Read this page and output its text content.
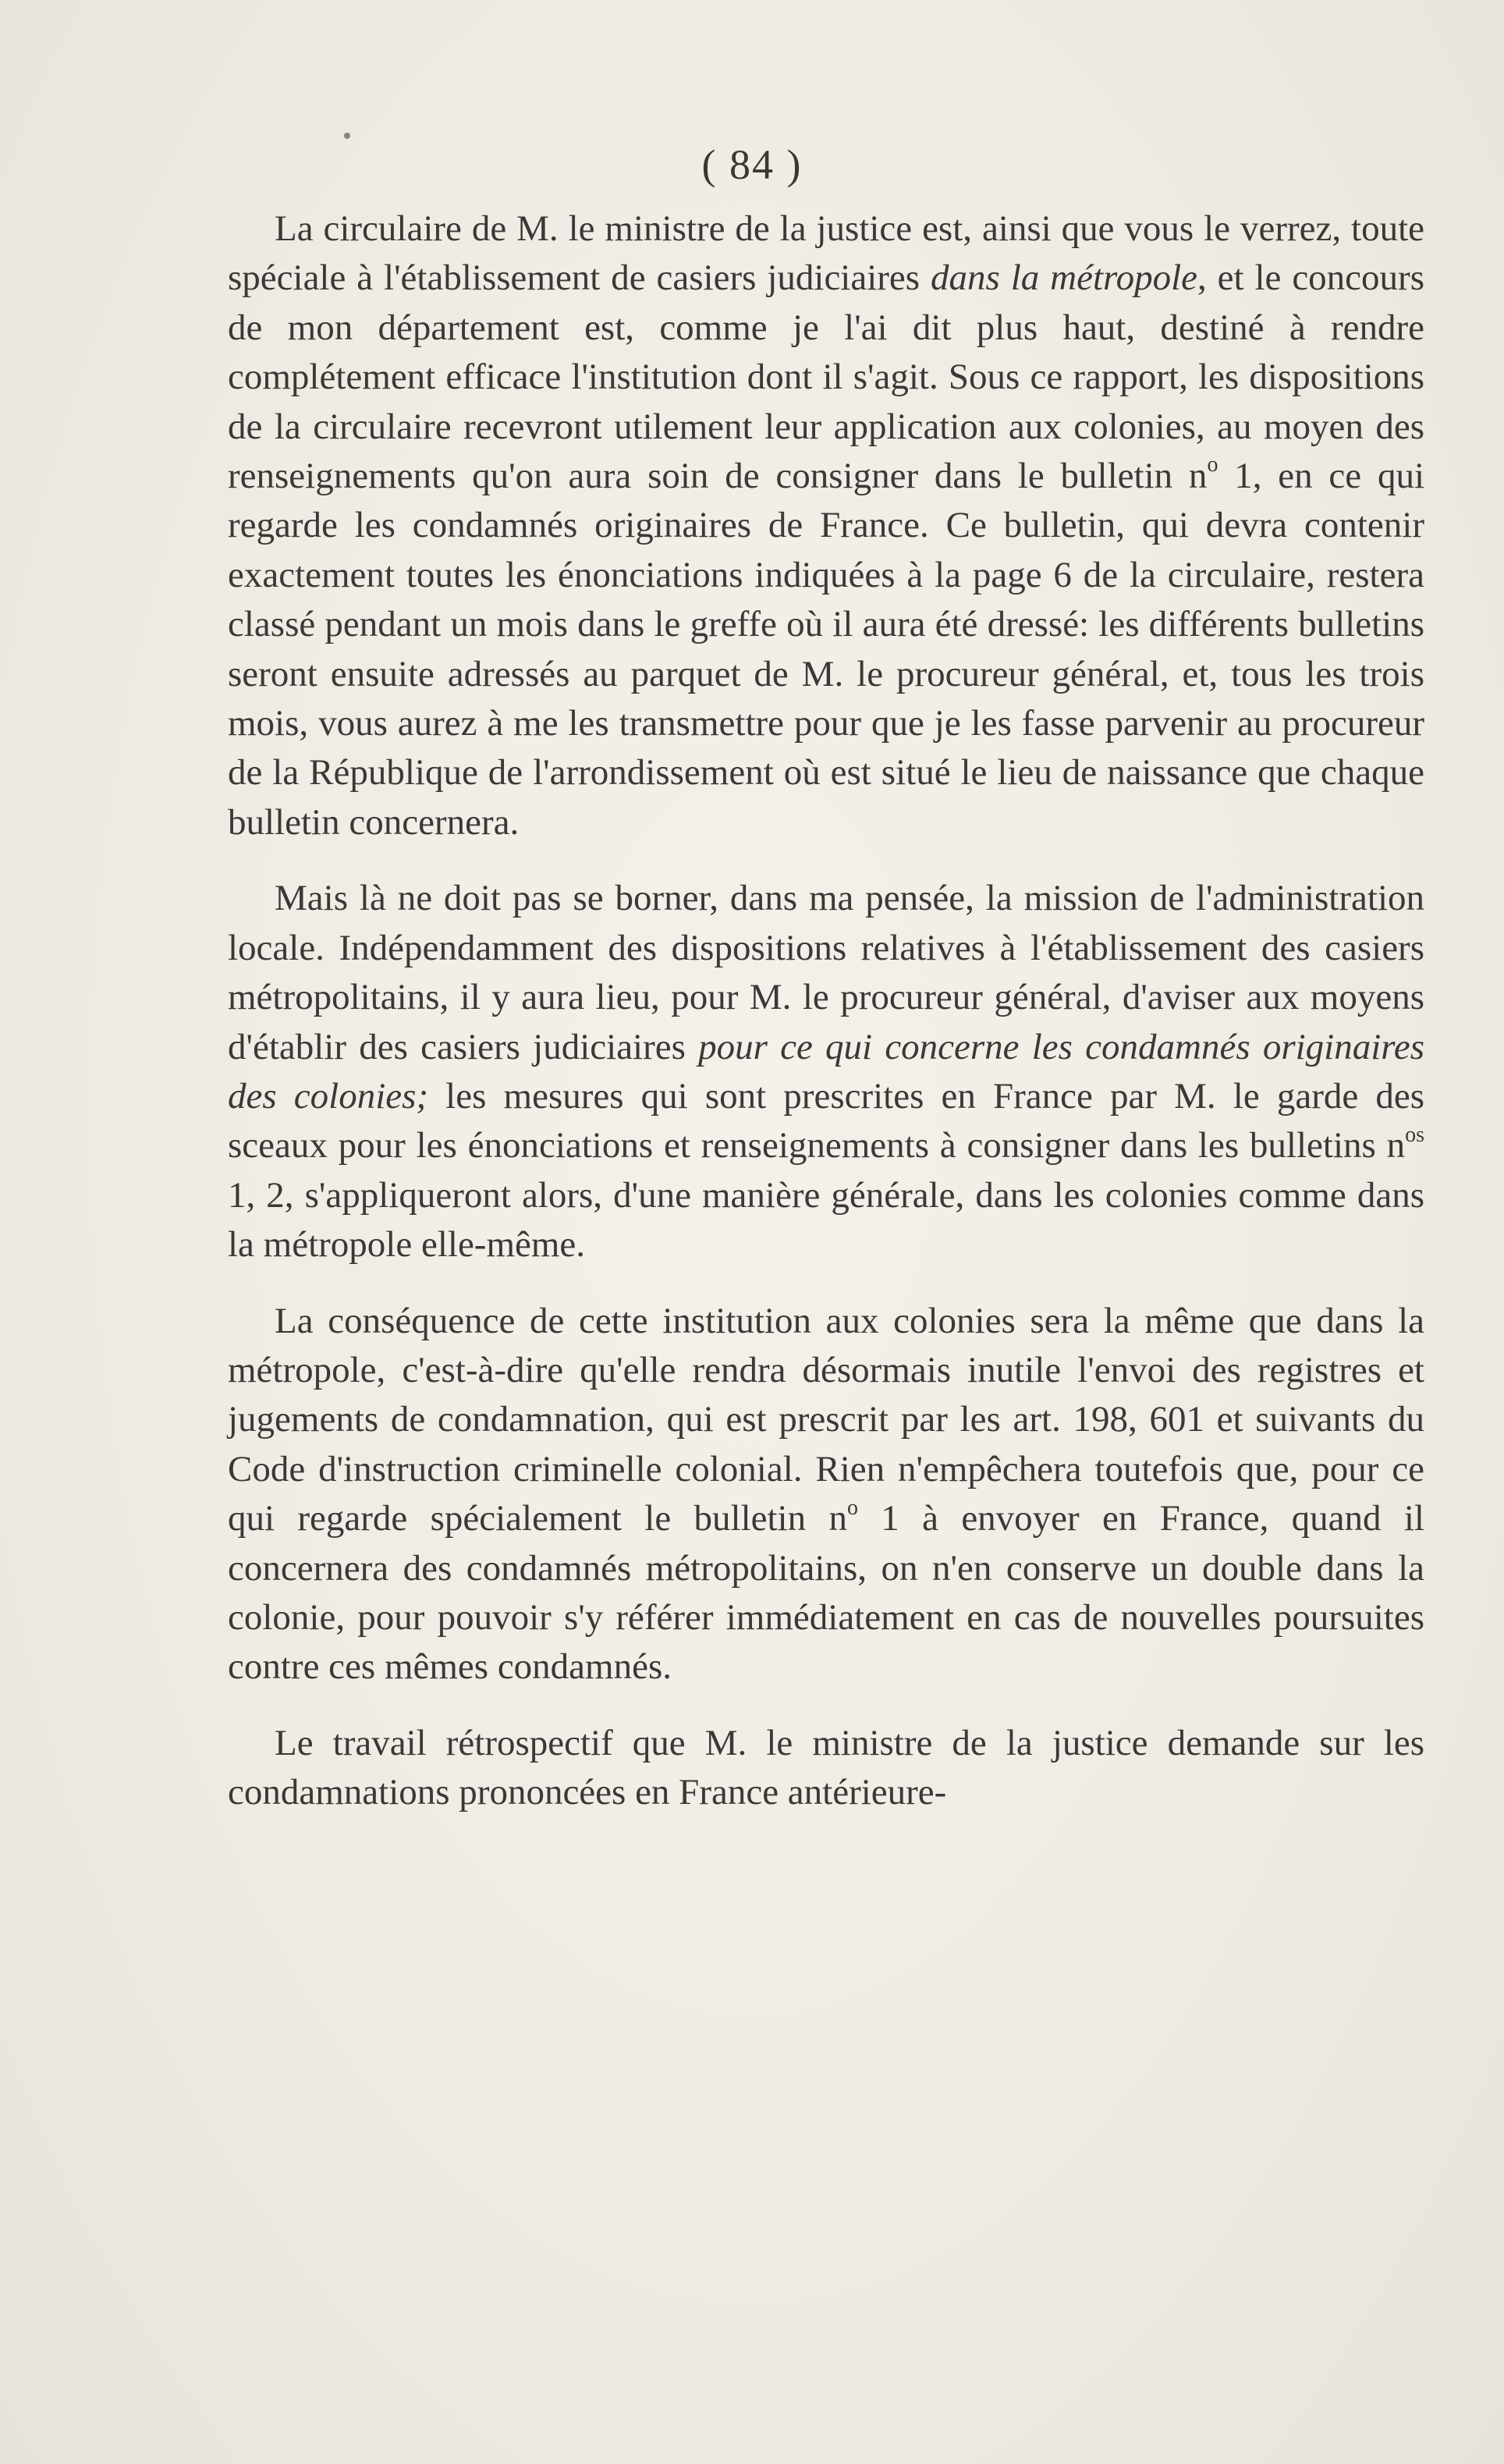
( 84 )

La circulaire de M. le ministre de la justice est, ainsi que vous le verrez, toute spéciale à l'établissement de casiers judiciaires dans la métropole, et le concours de mon département est, comme je l'ai dit plus haut, destiné à rendre complétement efficace l'institution dont il s'agit. Sous ce rapport, les dispositions de la circulaire recevront utilement leur application aux colonies, au moyen des renseignements qu'on aura soin de consigner dans le bulletin $n^o$ 1, en ce qui regarde les condamnés originaires de France. Ce bulletin, qui devra contenir exactement toutes les énonciations indiquées à la page 6 de la circulaire, restera classé pendant un mois dans le greffe où il aura été dressé: les différents bulletins seront ensuite adressés au parquet de M. le procureur général, et, tous les trois mois, vous aurez à me les transmettre pour que je les fasse parvenir au procureur de la République de l'arrondissement où est situé le lieu de naissance que chaque bulletin concernera.

Mais là ne doit pas se borner, dans ma pensée, la mission de l'administration locale. Indépendamment des dispositions relatives à l'établissement des casiers métropolitains, il y aura lieu, pour M. le procureur général, d'aviser aux moyens d'établir des casiers judiciaires pour ce qui concerne les condamnés originaires des colonies; les mesures qui sont prescrites en France par M. le garde des sceaux pour les énonciations et renseignements à consigner dans les bulletins $n^{os}$ 1, 2, s'appliqueront alors, d'une manière générale, dans les colonies comme dans la métropole elle-même.

La conséquence de cette institution aux colonies sera la même que dans la métropole, c'est-à-dire qu'elle rendra désormais inutile l'envoi des registres et jugements de condamnation, qui est prescrit par les art. 198, 601 et suivants du Code d'instruction criminelle colonial. Rien n'empêchera toutefois que, pour ce qui regarde spécialement le bulletin $n^o$ 1 à envoyer en France, quand il concernera des condamnés métropolitains, on n'en conserve un double dans la colonie, pour pouvoir s'y référer immédiatement en cas de nouvelles poursuites contre ces mêmes condamnés.

Le travail rétrospectif que M. le ministre de la justice demande sur les condamnations prononcées en France antérieure-
